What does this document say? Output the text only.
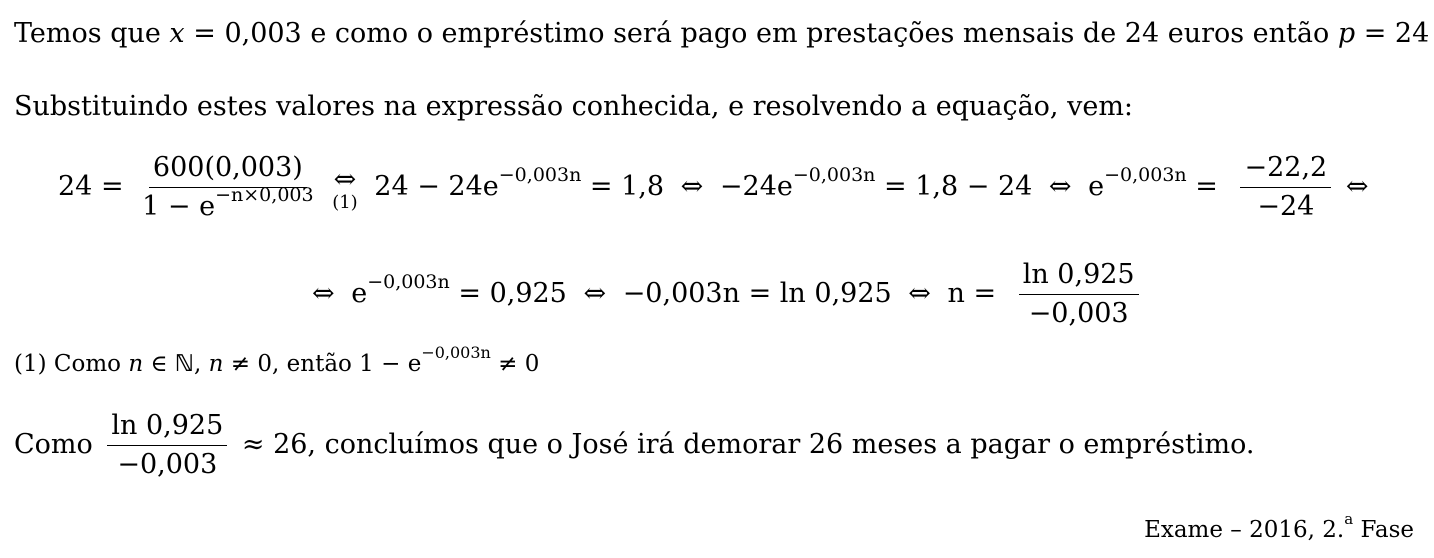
Temos que x = 0,003 e como o empréstimo será pago em prestações mensais de 24 euros então p = 24
Substituindo estes valores na expressão conhecida, e resolvendo a equação, vem:
$24 = \frac{600(0,003)}{1 - e^{-n\times 0,003}}$
⇔
(1) $24 - 24e^{-0,003n} = 1,8$ ⇔ $-24e^{-0,003n} = 1,8 - 24$ ⇔ $e^{-0,003n} = \frac{-22,2}{-24}$ ⇔
⇔ $e^{-0,003n} = 0,925$ ⇔ −0,003n = ln 0,925 ⇔ $n = \frac{\ln 0,925}{-0,003}$
(1) Como n ∈ ℕ, n ≠ 0, então $1 - e^{-0,003n} \ne 0$
Como $\frac{\ln 0,925}{-0,003} \approx 26$, concluímos que o José irá demorar 26 meses a pagar o empréstimo.
Exame – 2016, 2.$^a$ Fase
